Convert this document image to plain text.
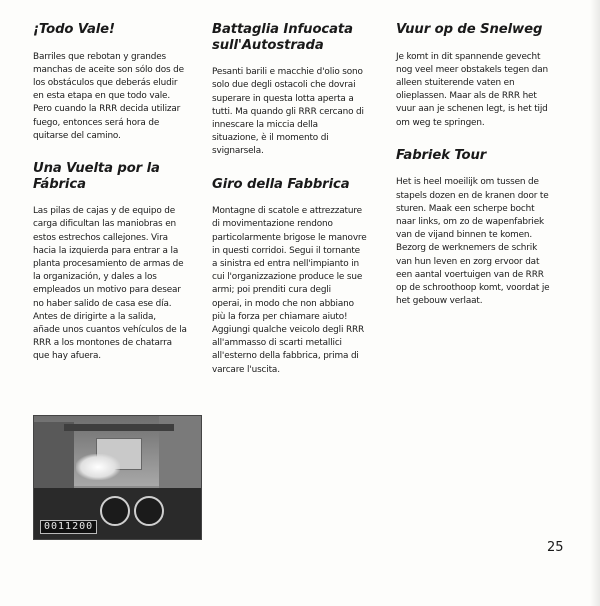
¡Todo Vale!

Barriles que rebotan y grandes
manchas de aceite son sólo dos de
los obstáculos que deberás eludir
en esta etapa en que todo vale.
Pero cuando la RRR decida utilizar
fuego, entonces será hora de
quitarse del camino.

Una Vuelta por la
Fábrica

Las pilas de cajas y de equipo de
carga dificultan las maniobras en
estos estrechos callejones. Vira
hacia la izquierda para entrar a la
planta procesamiento de armas de
la organización, y dales a los
empleados un motivo para desear
no haber salido de casa ese día.
Antes de dirigirte a la salida,
añade unos cuantos vehículos de la
RRR a los montones de chatarra
que hay afuera.

Battaglia Infuocata
sull'Autostrada

Pesanti barili e macchie d'olio sono
solo due degli ostacoli che dovrai
superare in questa lotta aperta a
tutti. Ma quando gli RRR cercano di
innescare la miccia della
situazione, è il momento di
svignarsela.

Giro della Fabbrica

Montagne di scatole e attrezzature
di movimentazione rendono
particolarmente brigose le manovre
in questi corridoi. Segui il tornante
a sinistra ed entra nell'impianto in
cui l'organizzazione produce le sue
armi; poi prenditi cura degli
operai, in modo che non abbiano
più la forza per chiamare aiuto!
Aggiungi qualche veicolo degli RRR
all'ammasso di scarti metallici
all'esterno della fabbrica, prima di
varcare l'uscita.

Vuur op de Snelweg

Je komt in dit spannende gevecht
nog veel meer obstakels tegen dan
alleen stuiterende vaten en
olieplassen. Maar als de RRR het
vuur aan je schenen legt, is het tijd
om weg te springen.

Fabriek Tour

Het is heel moeilijk om tussen de
stapels dozen en de kranen door te
sturen. Maak een scherpe bocht
naar links, om zo de wapenfabriek
van de vijand binnen te komen.
Bezorg de werknemers de schrik
van hun leven en zorg ervoor dat
een aantal voertuigen van de RRR
op de schroothoop komt, voordat je
het gebouw verlaat.

0011200
25
